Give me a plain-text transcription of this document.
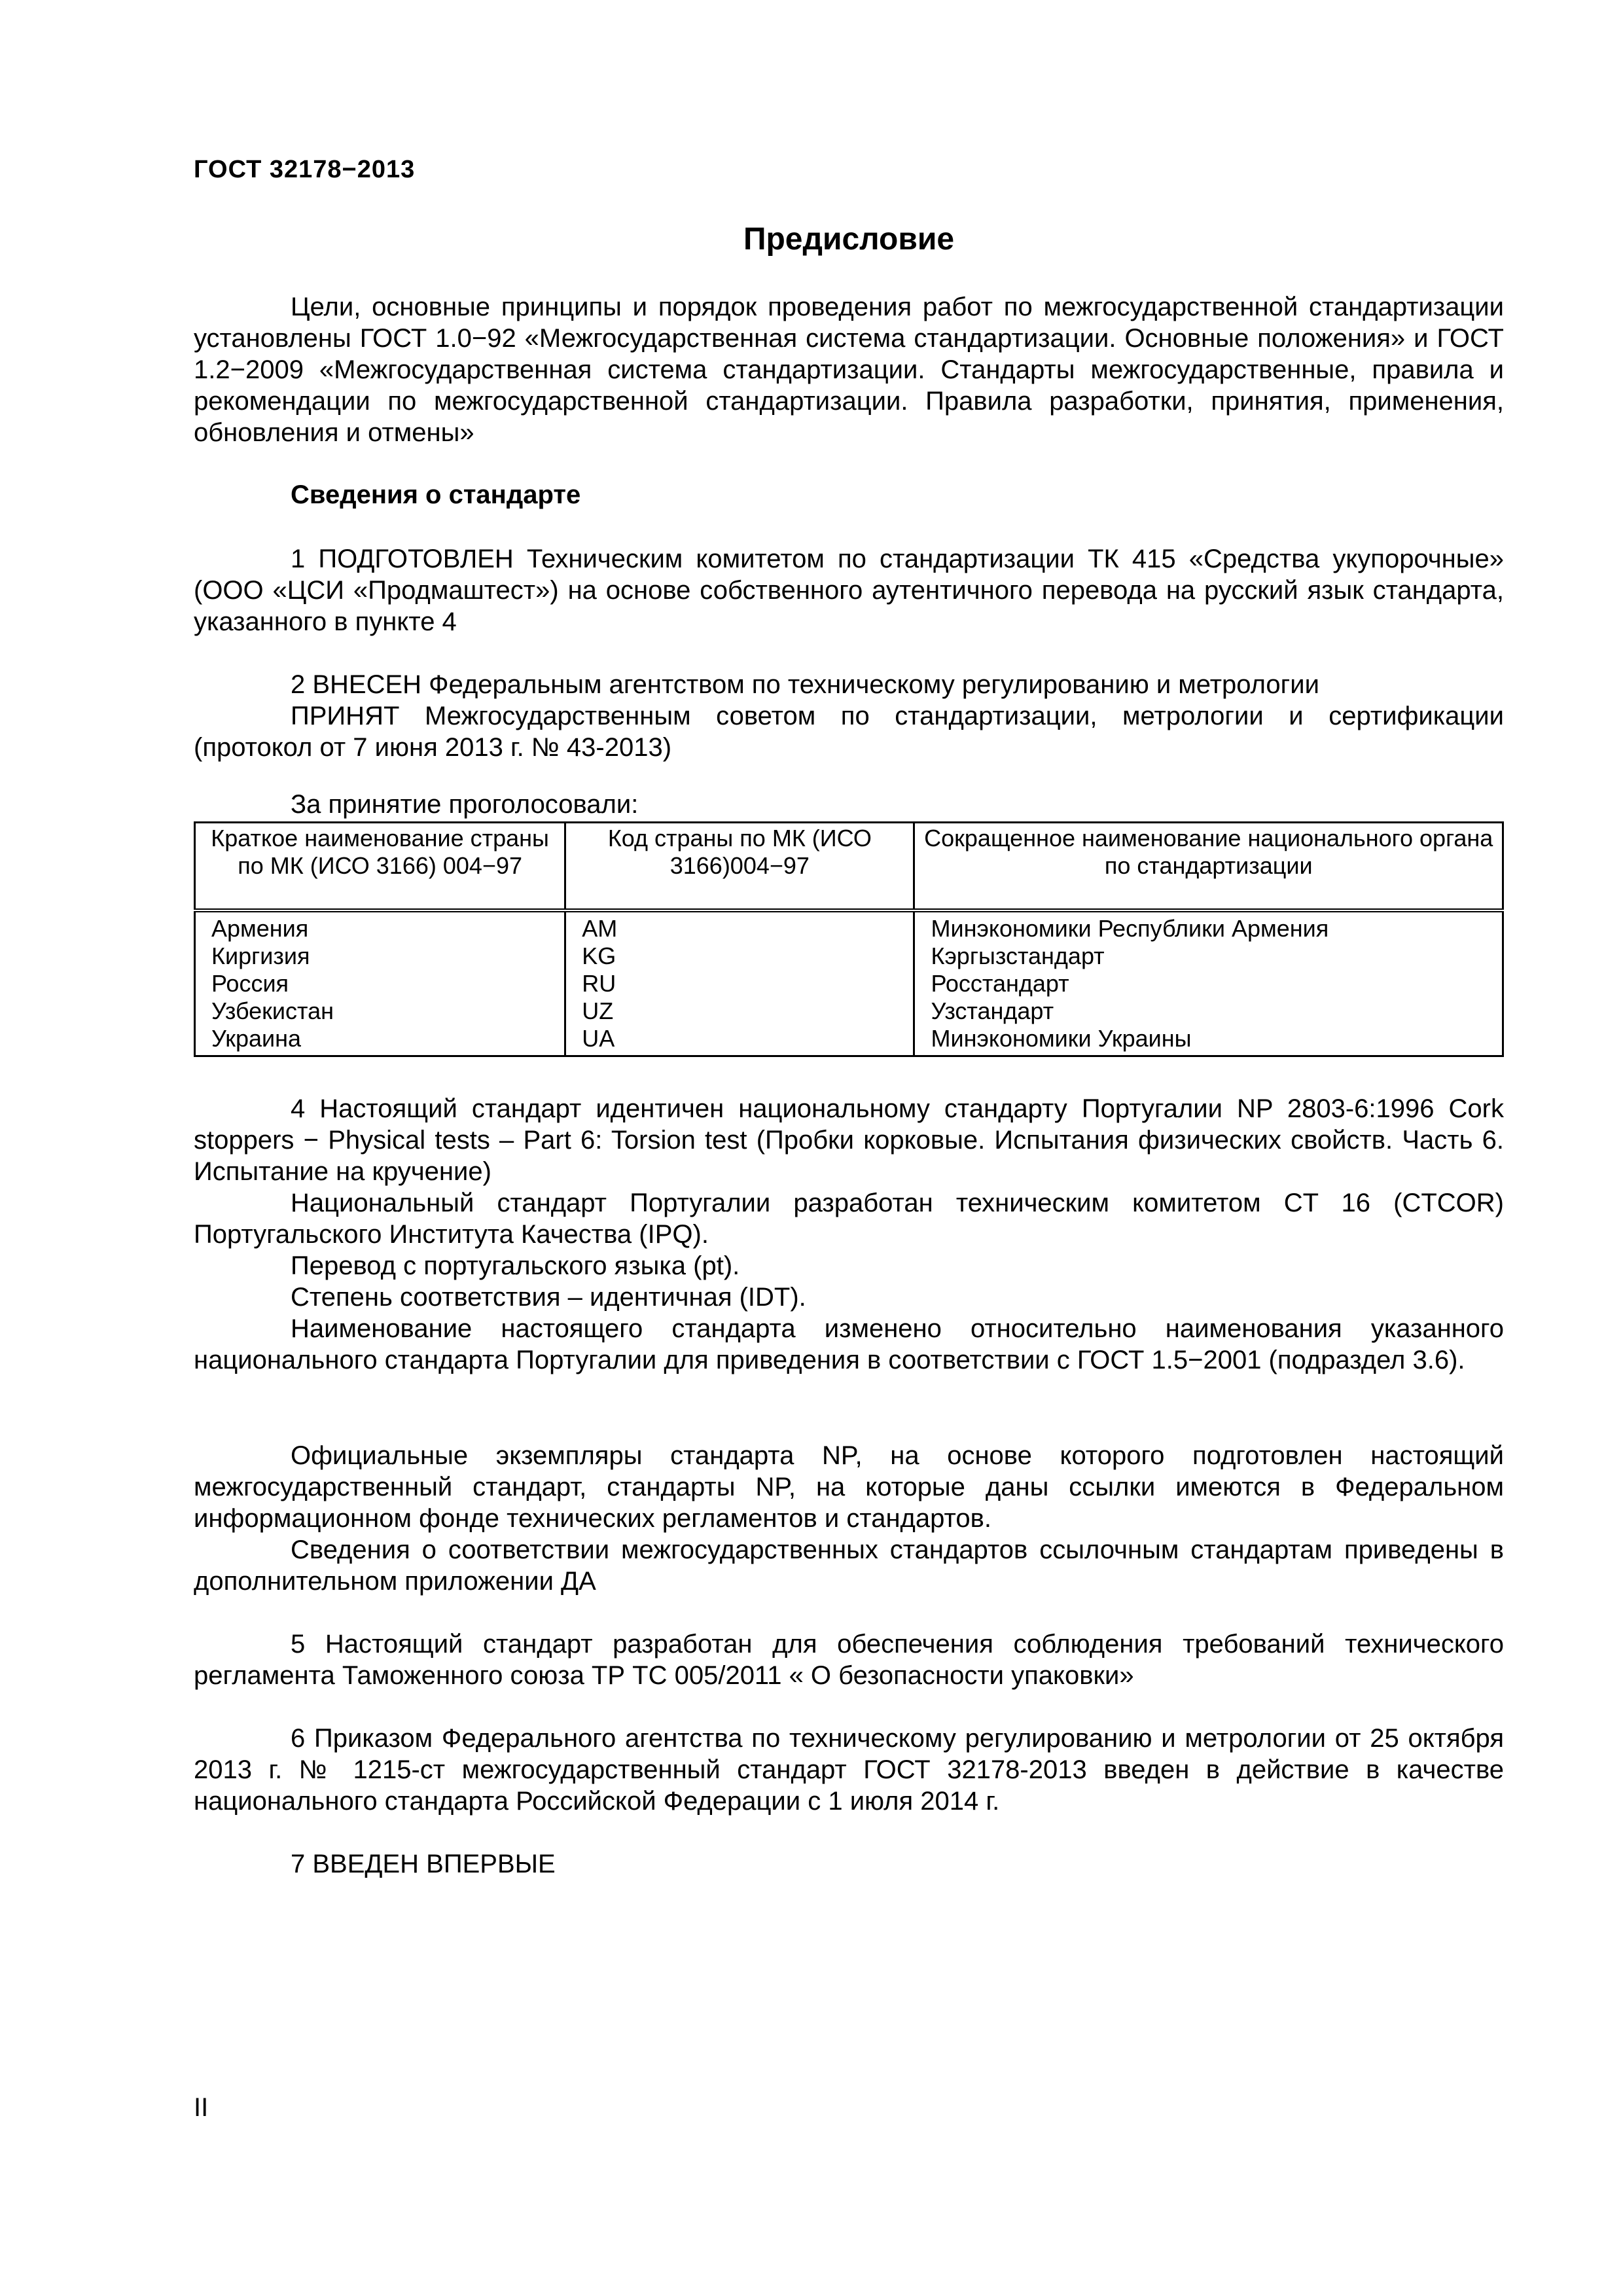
ГОСТ 32178−2013
Предисловие

Цели, основные принципы и порядок проведения работ по межгосударственной стандартизации установлены ГОСТ 1.0−92 «Межгосударственная система стандартизации. Основные положения» и ГОСТ 1.2−2009 «Межгосударственная система стандартизации. Стандарты межгосударственные, правила и рекомендации по межгосударственной стандартизации. Правила разработки, принятия, применения, обновления и отмены»

Сведения о стандарте

1 ПОДГОТОВЛЕН Техническим комитетом по стандартизации ТК 415 «Средства укупорочные» (ООО «ЦСИ «Продмаштест») на основе собственного аутентичного перевода на русский язык стандарта, указанного в пункте 4

2 ВНЕСЕН Федеральным агентством по техническому регулированию и метрологии

ПРИНЯТ Межгосударственным советом по стандартизации, метрологии и сертификации (протокол от 7 июня 2013 г. № 43-2013)

За принятие проголосовали:
Краткое наименование страны по МК (ИСО 3166) 004−97	Код страны по МК (ИСО 3166)004−97	Сокращенное наименование национального органа по стандартизации
Армения	AM	Минэкономики Республики Армения
Киргизия	KG	Кэргызстандарт
Россия	RU	Росстандарт
Узбекистан	UZ	Узстандарт
Украина	UA	Минэкономики Украины

4 Настоящий стандарт идентичен национальному стандарту Португалии NP 2803-6:1996 Cork stoppers − Physical tests – Part 6: Torsion test (Пробки корковые. Испытания физических свойств. Часть 6. Испытание на кручение)

Национальный стандарт Португалии разработан техническим комитетом CT 16 (CTCOR) Португальского Института Качества (IPQ).

Перевод с португальского языка (pt).

Степень соответствия – идентичная (IDT).

Наименование настоящего стандарта изменено относительно наименования указанного национального стандарта Португалии для приведения в соответствии с ГОСТ 1.5−2001 (подраздел 3.6).

Официальные экземпляры стандарта NP, на основе которого подготовлен настоящий межгосударственный стандарт, стандарты NP, на которые даны ссылки имеются в Федеральном информационном фонде технических регламентов и стандартов.

Сведения о соответствии межгосударственных стандартов ссылочным стандартам приведены в дополнительном приложении ДА

5 Настоящий стандарт разработан для обеспечения соблюдения требований технического регламента Таможенного союза ТР ТС 005/2011 « О безопасности упаковки»

6 Приказом Федерального агентства по техническому регулированию и метрологии от 25 октября 2013 г. № 1215-ст межгосударственный стандарт ГОСТ 32178-2013 введен в действие в качестве национального стандарта Российской Федерации с 1 июля 2014 г.

7 ВВЕДЕН ВПЕРВЫЕ

II
